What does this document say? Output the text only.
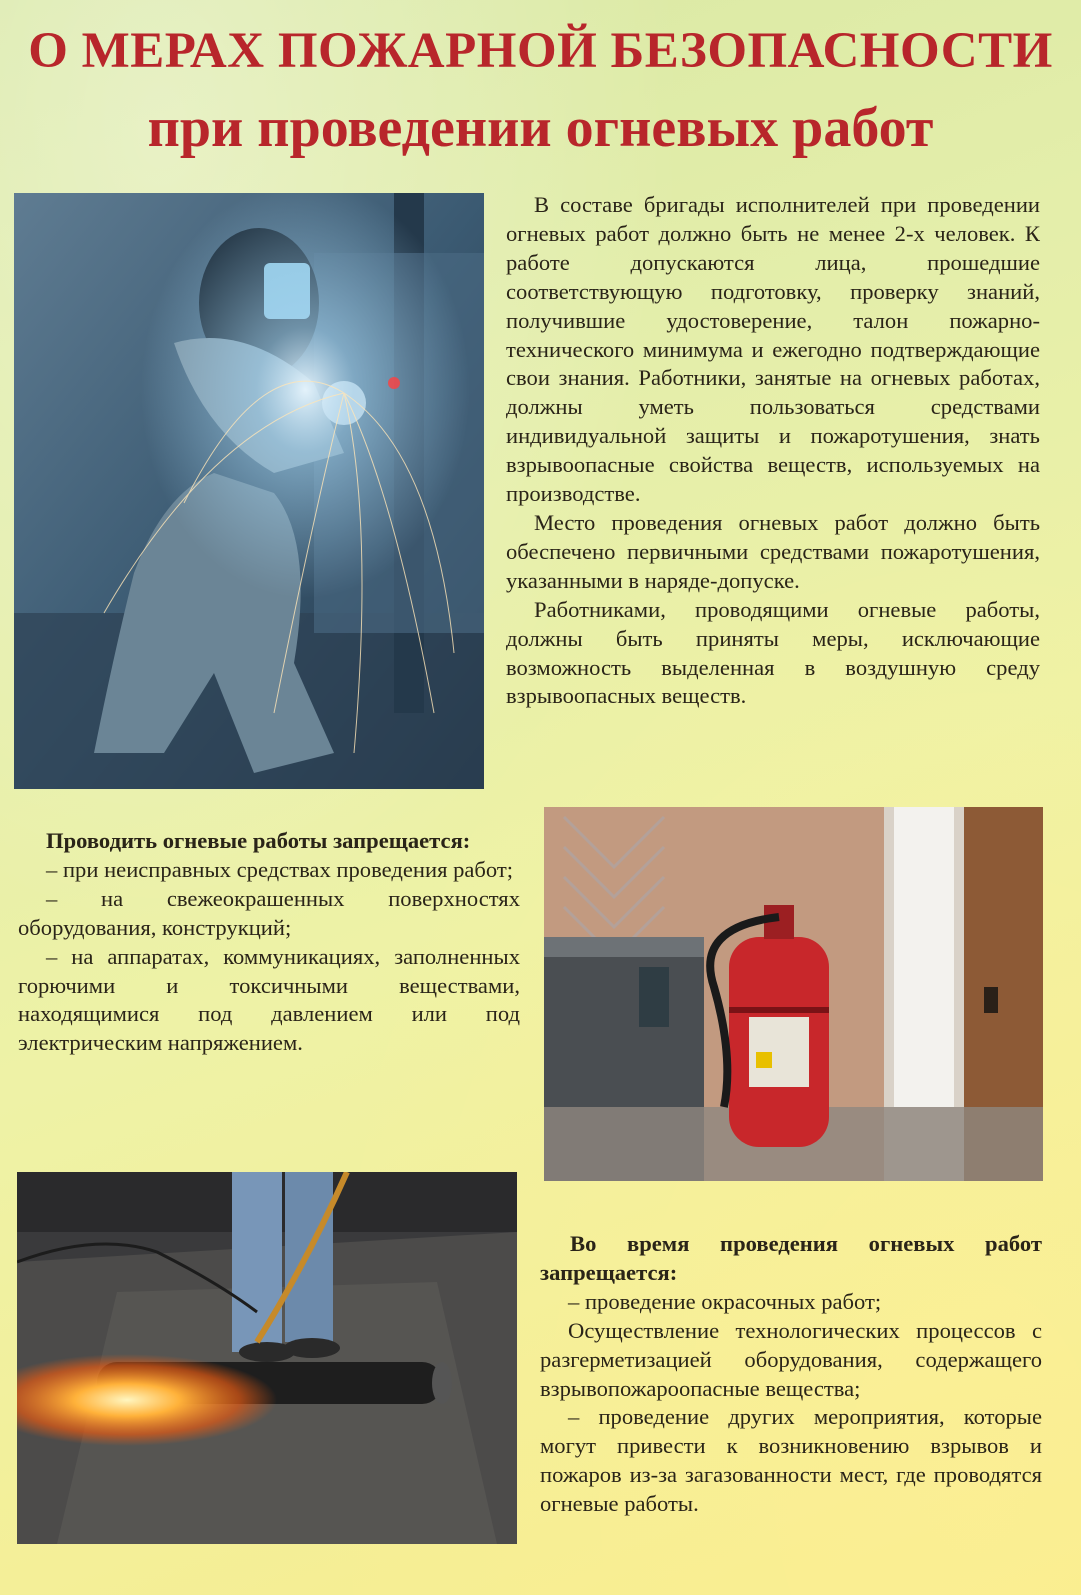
О МЕРАХ ПОЖАРНОЙ БЕЗОПАСНОСТИ
при проведении огневых работ

В составе бригады исполнителей при проведении огневых работ должно быть не менее 2-х человек. К работе допускаются лица, прошедшие соответствующую подготовку, проверку знаний, получившие удостоверение, талон пожарно-технического минимума и ежегодно подтверждающие свои знания. Работники, занятые на огневых работах, должны уметь пользоваться средствами индивидуальной защиты и пожаротушения, знать взрывоопасные свойства веществ, используемых на производстве.

Место проведения огневых работ должно быть обеспечено первичными средствами пожаротушения, указанными в наряде-допуске.

Работниками, проводящими огневые работы, должны быть приняты меры, исключающие возможность выделенная в воздушную среду взрывоопасных веществ.

Проводить огневые работы запрещается:

– при неисправных средствах проведения работ;

– на свежеокрашенных поверхностях оборудования, конструкций;

– на аппаратах, коммуникациях, заполненных горючими и токсичными веществами, находящимися под давлением или под электрическим напряжением.

Во время проведения огневых работ запрещается:

– проведение окрасочных работ;

Осуществление технологических процессов с разгерметизацией оборудования, содержащего взрывопожароопасные вещества;

– проведение других мероприятия, которые могут привести к возникновению взрывов и пожаров из-за загазованности мест, где проводятся огневые работы.
